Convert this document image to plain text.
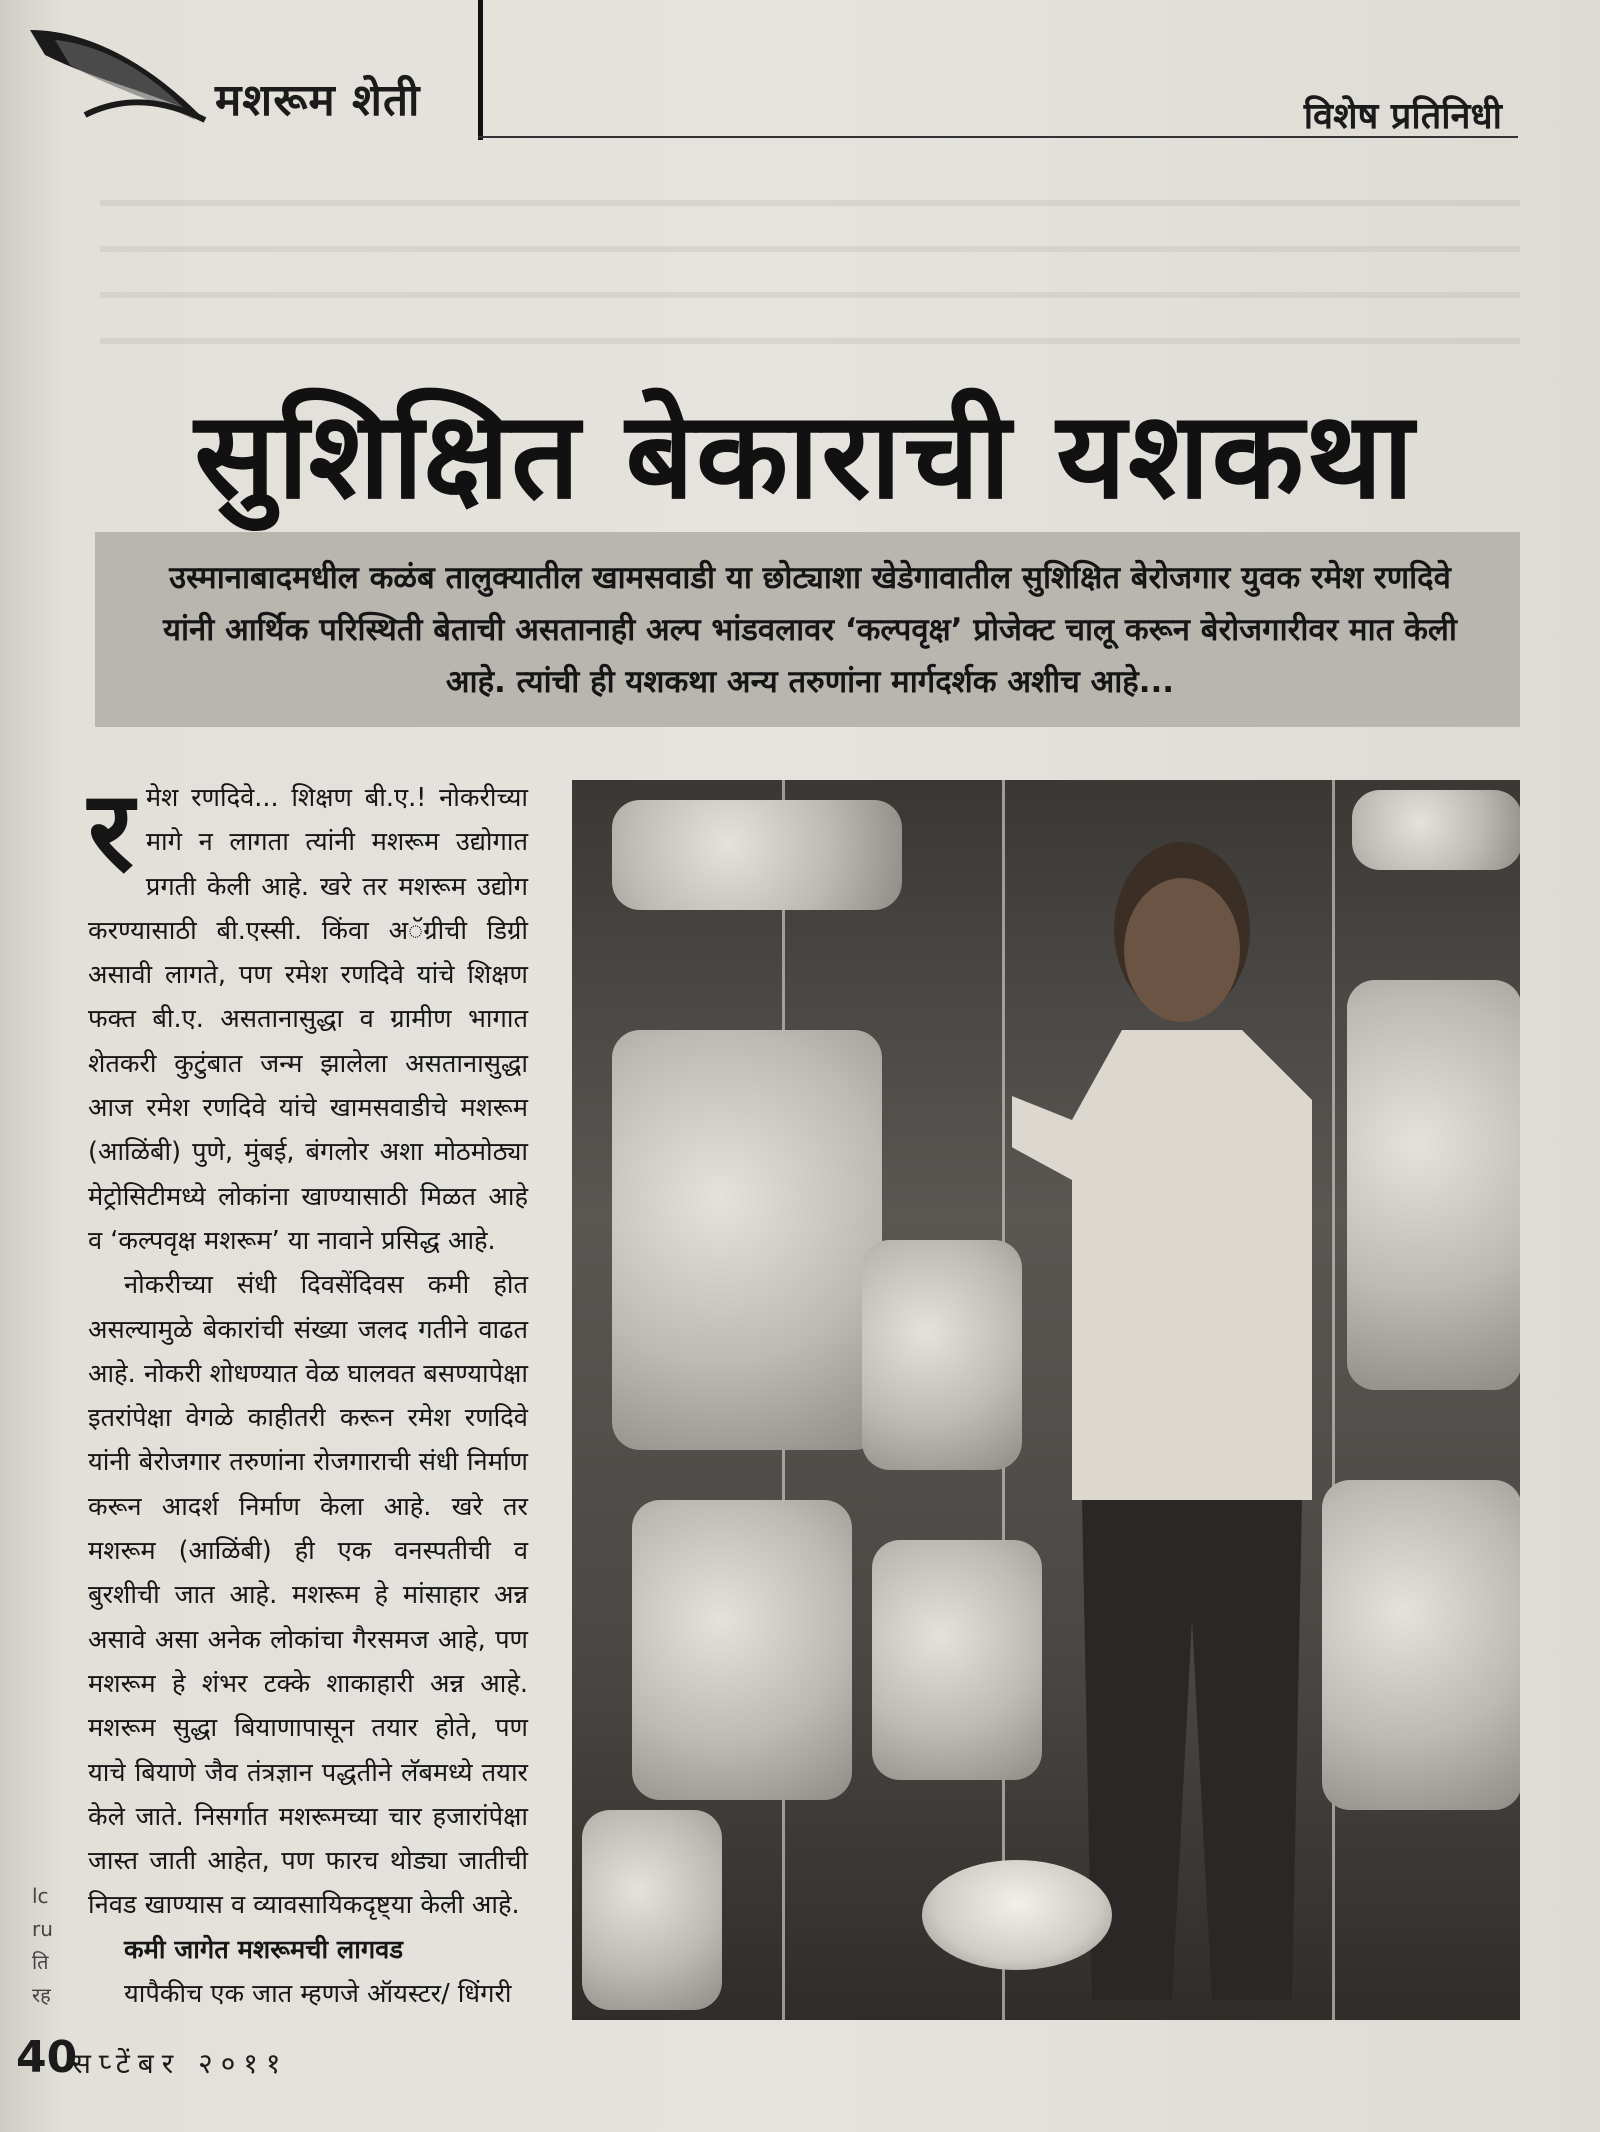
मशरूम शेती	विशेष प्रतिनिधी
सुशिक्षित बेकाराची यशकथा
उस्मानाबादमधील कळंब तालुक्यातील खामसवाडी या छोट्याशा खेडेगावातील सुशिक्षित बेरोजगार युवक रमेश रणदिवे यांनी आर्थिक परिस्थिती बेताची असतानाही अल्प भांडवलावर ‘कल्पवृक्ष’ प्रोजेक्ट चालू करून बेरोजगारीवर मात केली आहे. त्यांची ही यशकथा अन्य तरुणांना मार्गदर्शक अशीच आहे...

रमेश रणदिवे... शिक्षण बी.ए.! नोकरीच्या मागे न लागता त्यांनी मशरूम उद्योगात प्रगती केली आहे. खरे तर मशरूम उद्योग करण्यासाठी बी.एस्सी. किंवा अॅग्रीची डिग्री असावी लागते, पण रमेश रणदिवे यांचे शिक्षण फक्त बी.ए. असतानासुद्धा व ग्रामीण भागात शेतकरी कुटुंबात जन्म झालेला असतानासुद्धा आज रमेश रणदिवे यांचे खामसवाडीचे मशरूम (आळिंबी) पुणे, मुंबई, बंगलोर अशा मोठमोठ्या मेट्रोसिटीमध्ये लोकांना खाण्यासाठी मिळत आहे व ‘कल्पवृक्ष मशरूम’ या नावाने प्रसिद्ध आहे.

नोकरीच्या संधी दिवसेंदिवस कमी होत असल्यामुळे बेकारांची संख्या जलद गतीने वाढत आहे. नोकरी शोधण्यात वेळ घालवत बसण्यापेक्षा इतरांपेक्षा वेगळे काहीतरी करून रमेश रणदिवे यांनी बेरोजगार तरुणांना रोजगाराची संधी निर्माण करून आदर्श निर्माण केला आहे. खरे तर मशरूम (आळिंबी) ही एक वनस्पतीची व बुरशीची जात आहे. मशरूम हे मांसाहार अन्न असावे असा अनेक लोकांचा गैरसमज आहे, पण मशरूम हे शंभर टक्के शाकाहारी अन्न आहे. मशरूम सुद्धा बियाणापासून तयार होते, पण याचे बियाणे जैव तंत्रज्ञान पद्धतीने लॅबमध्ये तयार केले जाते. निसर्गात मशरूमच्या चार हजारांपेक्षा जास्त जाती आहेत, पण फारच थोड्या जातीची निवड खाण्यास व व्यावसायिकदृष्ट्या केली आहे.

कमी जागेत मशरूमची लागवड

यापैकीच एक जात म्हणजे ऑयस्टर/ धिंगरी

lc
ru
ति
रह
40
सप्टेंबर २०११
